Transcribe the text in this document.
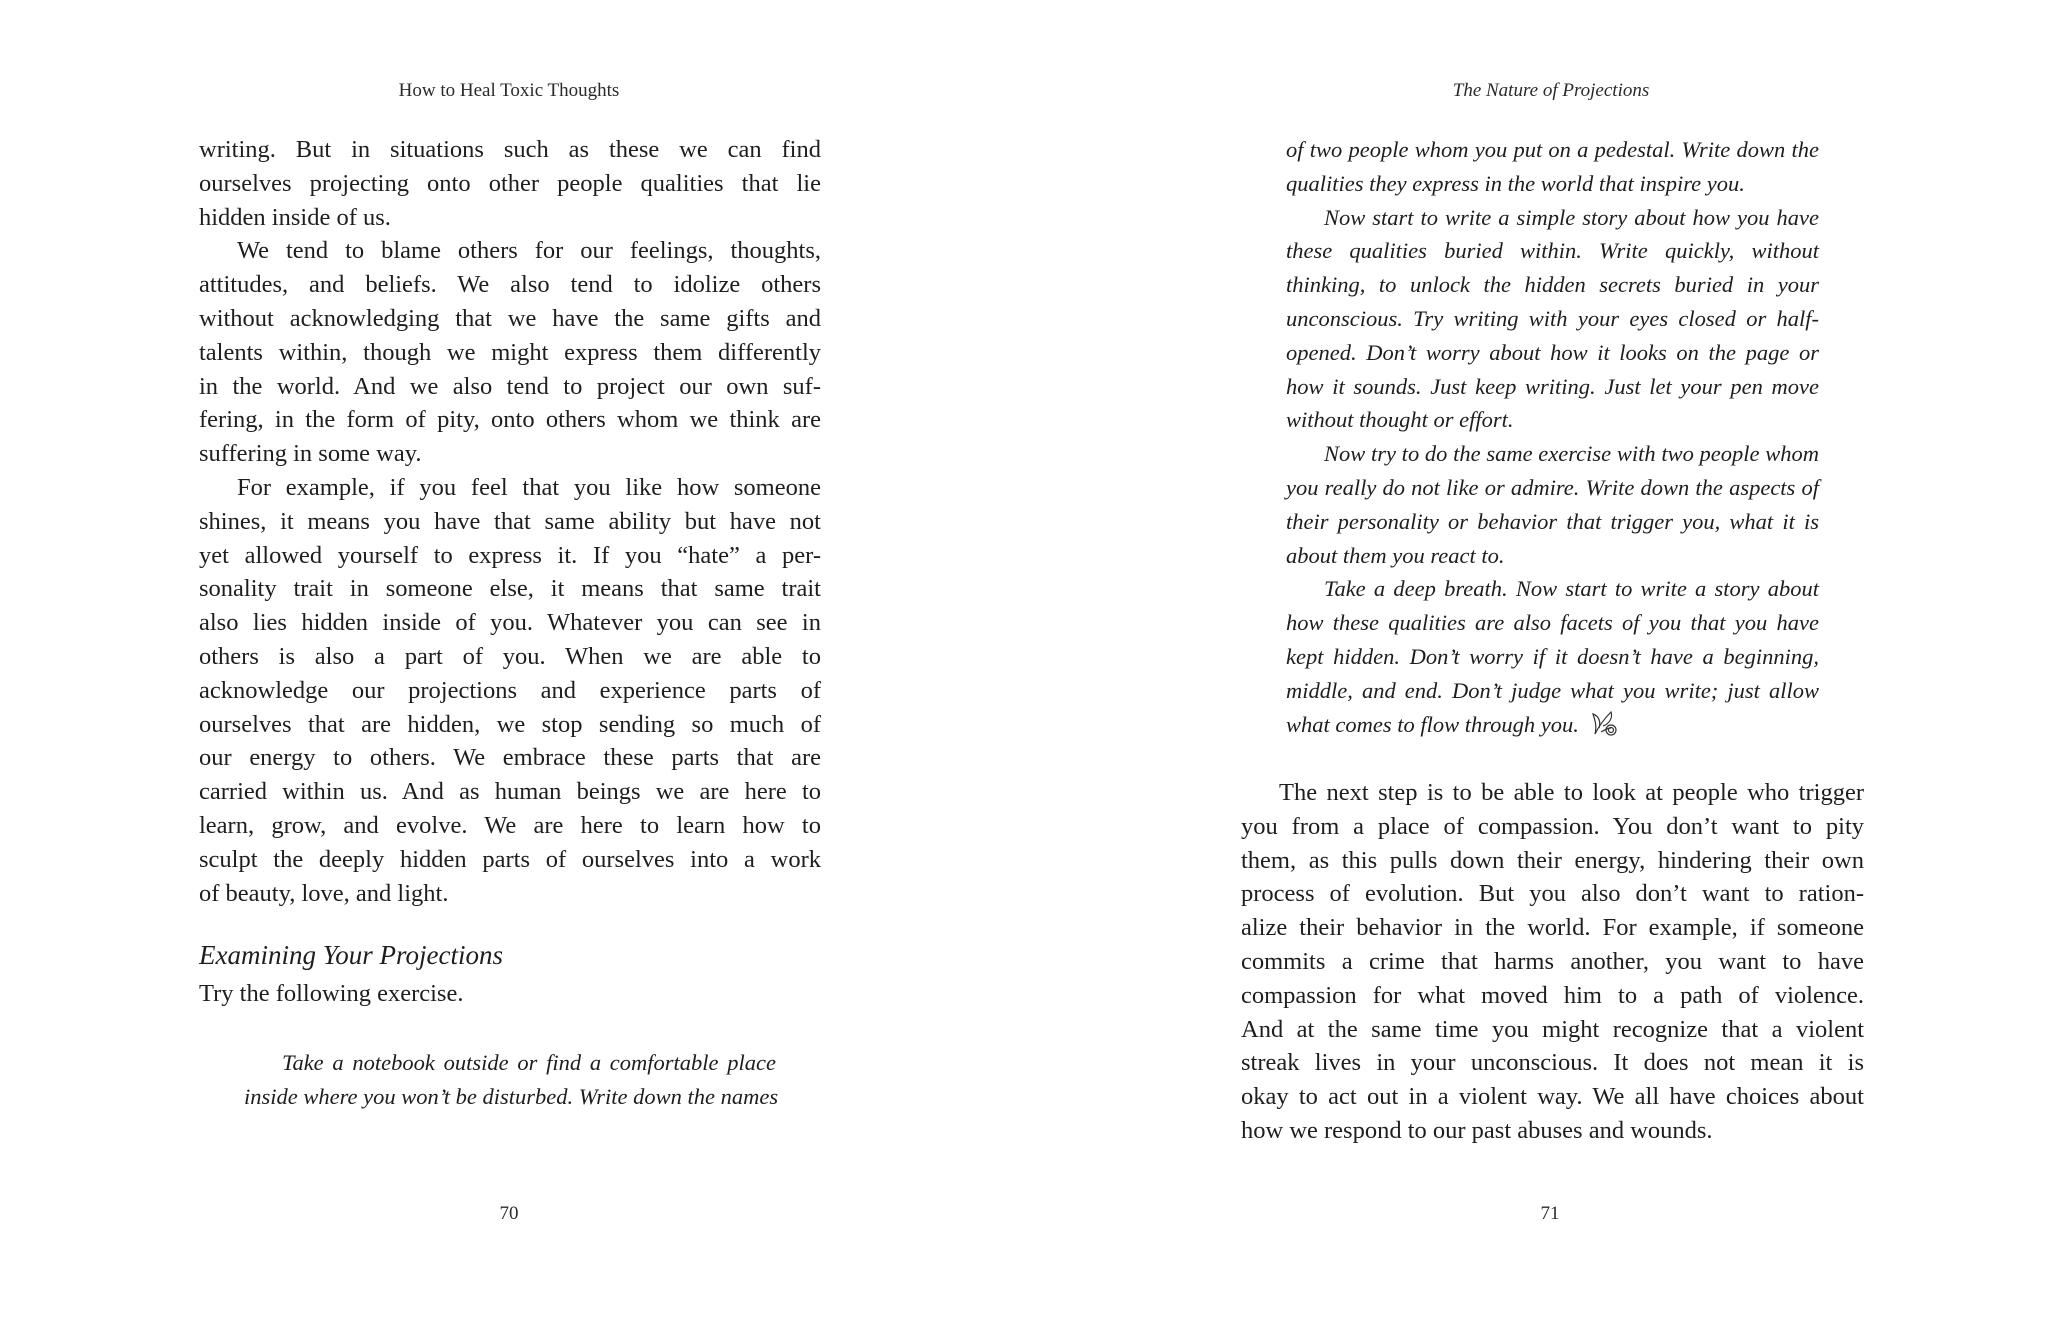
How to Heal Toxic Thoughts
writing. But in situations such as these we can find
ourselves projecting onto other people qualities that lie
hidden inside of us.
We tend to blame others for our feelings, thoughts,
attitudes, and beliefs. We also tend to idolize others
without acknowledging that we have the same gifts and
talents within, though we might express them differently
in the world. And we also tend to project our own suf-
fering, in the form of pity, onto others whom we think are
suffering in some way.
For example, if you feel that you like how someone
shines, it means you have that same ability but have not
yet allowed yourself to express it. If you “hate” a per-
sonality trait in someone else, it means that same trait
also lies hidden inside of you. Whatever you can see in
others is also a part of you. When we are able to
acknowledge our projections and experience parts of
ourselves that are hidden, we stop sending so much of
our energy to others. We embrace these parts that are
carried within us. And as human beings we are here to
learn, grow, and evolve. We are here to learn how to
sculpt the deeply hidden parts of ourselves into a work
of beauty, love, and light.
Examining Your Projections
Try the following exercise.
Take a notebook outside or find a comfortable place
inside where you won’t be disturbed. Write down the names
70
The Nature of Projections
of two people whom you put on a pedestal. Write down the
qualities they express in the world that inspire you.
Now start to write a simple story about how you have
these qualities buried within. Write quickly, without
thinking, to unlock the hidden secrets buried in your
unconscious. Try writing with your eyes closed or half-
opened. Don’t worry about how it looks on the page or
how it sounds. Just keep writing. Just let your pen move
without thought or effort.
Now try to do the same exercise with two people whom
you really do not like or admire. Write down the aspects of
their personality or behavior that trigger you, what it is
about them you react to.
Take a deep breath. Now start to write a story about
how these qualities are also facets of you that you have
kept hidden. Don’t worry if it doesn’t have a beginning,
middle, and end. Don’t judge what you write; just allow
what comes to flow through you.
The next step is to be able to look at people who trigger
you from a place of compassion. You don’t want to pity
them, as this pulls down their energy, hindering their own
process of evolution. But you also don’t want to ration-
alize their behavior in the world. For example, if someone
commits a crime that harms another, you want to have
compassion for what moved him to a path of violence.
And at the same time you might recognize that a violent
streak lives in your unconscious. It does not mean it is
okay to act out in a violent way. We all have choices about
how we respond to our past abuses and wounds.
71
